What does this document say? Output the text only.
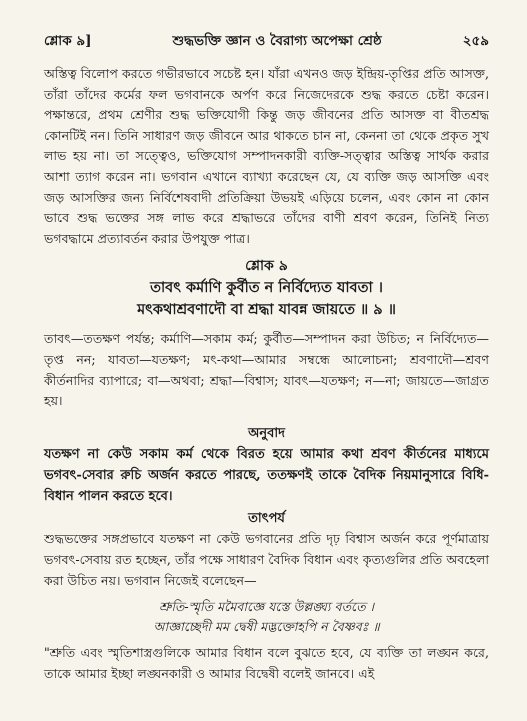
শ্লোক ৯]	শুদ্ধভক্তি জ্ঞান ও বৈরাগ্য অপেক্ষা শ্রেষ্ঠ	২৫৯

অস্তিত্ব বিলোপ করতে গভীরভাবে সচেষ্ট হন। যাঁরা এখনও জড় ইন্দ্রিয়-তৃপ্তির প্রতি আসক্ত, তাঁরা তাঁদের কর্মের ফল ভগবানকে অর্পণ করে নিজেদেরকে শুদ্ধ করতে চেষ্টা করেন। পক্ষান্তরে, প্রথম শ্রেণীর শুদ্ধ ভক্তিযোগী কিন্তু জড় জীবনের প্রতি আসক্ত বা বীতশ্রদ্ধ কোনটিই নন। তিনি সাধারণ জড় জীবনে আর থাকতে চান না, কেননা তা থেকে প্রকৃত সুখ লাভ হয় না। তা সত্ত্বেও, ভক্তিযোগ সম্পাদনকারী ব্যক্তি-সত্ত্বার অস্তিত্ব সার্থক করার আশা ত্যাগ করেন না। ভগবান এখানে ব্যাখ্যা করেছেন যে, যে ব্যক্তি জড় আসক্তি এবং জড় আসক্তির জন্য নির্বিশেষবাদী প্রতিক্রিয়া উভয়ই এড়িয়ে চলেন, এবং কোন না কোন ভাবে শুদ্ধ ভক্তের সঙ্গ লাভ করে শ্রদ্ধাভরে তাঁদের বাণী শ্রবণ করেন, তিনিই নিত্য ভগবদ্ধামে প্রত্যাবর্তন করার উপযুক্ত পাত্র।

শ্লোক ৯
তাবৎ কর্মাণি কুর্বীত ন নির্বিদ্যেত যাবতা ।
মৎকথাশ্রবণাদৌ বা শ্রদ্ধা যাবন্ন জায়তে ॥ ৯ ॥

তাবৎ—ততক্ষণ পর্যন্ত; কর্মাণি—সকাম কর্ম; কুর্বীত—সম্পাদন করা উচিত; ন নির্বিদ্যেত—তৃপ্ত নন; যাবতা—যতক্ষণ; মৎ-কথা—আমার সম্বন্ধে আলোচনা; শ্রবণাদৌ—শ্রবণ কীর্তনাদির ব্যাপারে; বা—অথবা; শ্রদ্ধা—বিশ্বাস; যাবৎ—যতক্ষণ; ন—না; জায়তে—জাগ্রত হয়।

অনুবাদ

যতক্ষণ না কেউ সকাম কর্ম থেকে বিরত হয়ে আমার কথা শ্রবণ কীর্তনের মাধ্যমে ভগবৎ-সেবার রুচি অর্জন করতে পারছে, ততক্ষণই তাকে বৈদিক নিয়মানুসারে বিধি-বিধান পালন করতে হবে।

তাৎপর্য

শুদ্ধভক্তের সঙ্গপ্রভাবে যতক্ষণ না কেউ ভগবানের প্রতি দৃঢ় বিশ্বাস অর্জন করে পূর্ণমাত্রায় ভগবৎ-সেবায় রত হচ্ছেন, তাঁর পক্ষে সাধারণ বৈদিক বিধান এবং কৃত্যগুলির প্রতি অবহেলা করা উচিত নয়। ভগবান নিজেই বলেছেন—

শ্রুতি-স্মৃতি মমৈবাজ্ঞে যস্তে উল্লঙ্ঘ্য বর্ততে ।
আজ্ঞাচ্ছেদী মম দ্বেষী মদ্ভক্তোহপি ন বৈষ্ণবঃ ॥

"শ্রুতি এবং স্মৃতিশাস্ত্রগুলিকে আমার বিধান বলে বুঝতে হবে, যে ব্যক্তি তা লঙ্ঘন করে, তাকে আমার ইচ্ছা লঙ্ঘনকারী ও আমার বিদ্বেষী বলেই জানবে। এই
